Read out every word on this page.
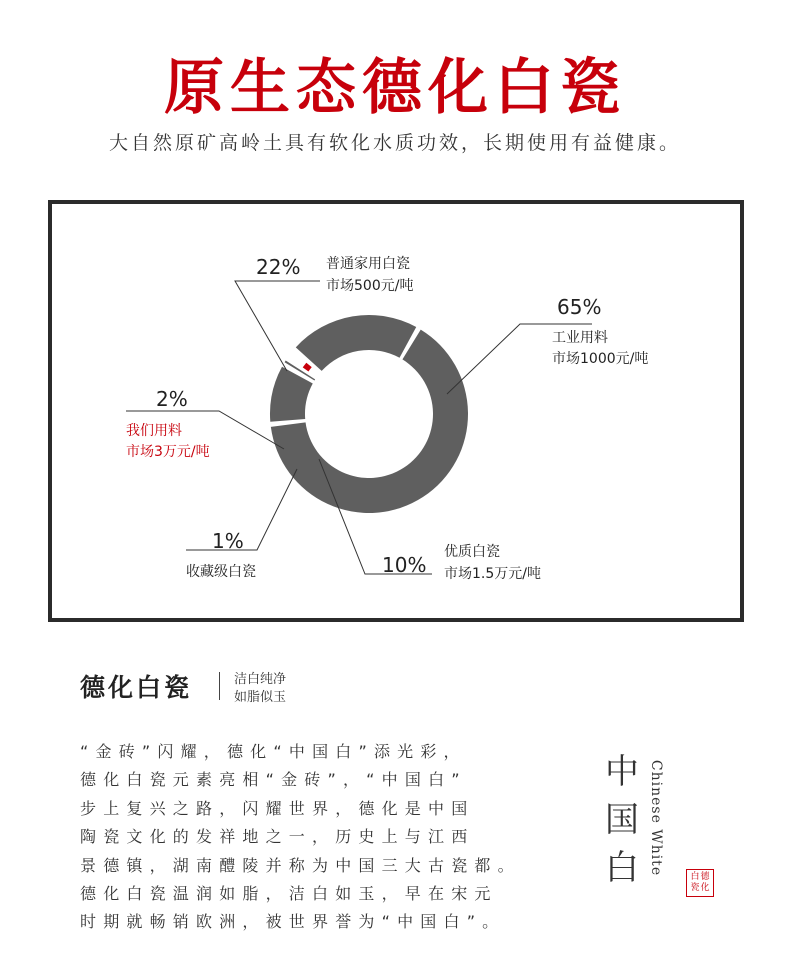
原生态德化白瓷
大自然原矿高岭土具有软化水质功效，长期使用有益健康。
65%
工业用料
市场1000元/吨
10%
优质白瓷
市场1.5万元/吨
1%
收藏级白瓷
2%
我们用料
市场3万元/吨
22% 普通家用白瓷
市场500元/吨
德化白瓷	洁白纯净
如脂似玉
“金砖”闪耀，德化“中国白”添光彩，
德化白瓷元素亮相“金砖”，“中国白”
步上复兴之路，闪耀世界，德化是中国
陶瓷文化的发祥地之一，历史上与江西
景德镇，湖南醴陵并称为中国三大古瓷都。
德化白瓷温润如脂，洁白如玉，早在宋元
时期就畅销欧洲，被世界誉为“中国白”。
中
国
白 Chinese White
白 德
瓷 化
